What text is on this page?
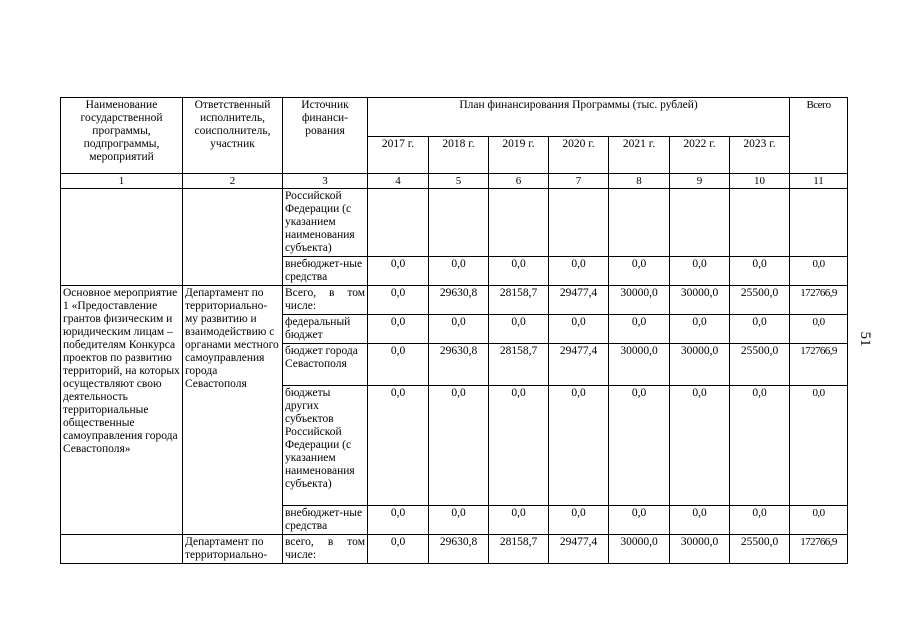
Наименование государственной программы, подпрограммы, мероприятий	Ответственный исполнитель, соисполнитель, участник	Источник финанси-рования	План финансирования Программы (тыс. рублей)							Всего
			2017 г.	2018 г.	2019 г.	2020 г.	2021 г.	2022 г.	2023 г.	
1	2	3	4	5	6	7	8	9	10	11
		Российской Федерации (с указанием наименования субъекта)								
		внебюджет-ные средства	0,0	0,0	0,0	0,0	0,0	0,0	0,0	0,0
Основное мероприятие 1 «Предоставление грантов физическим и юридическим лицам – победителям Конкурса проектов по развитию территорий, на которых осуществляют свою деятельность территориальные общественные самоуправления города Севастополя»	Департамент по территориально-му развитию и взаимодействию с органами местного самоуправления города Севастополя	Всего, в том числе:	0,0	29630,8	28158,7	29477,4	30000,0	30000,0	25500,0	172766,9
		федеральный бюджет	0,0	0,0	0,0	0,0	0,0	0,0	0,0	0,0
		бюджет города Севастополя	0,0	29630,8	28158,7	29477,4	30000,0	30000,0	25500,0	172766,9
		бюджеты других субъектов Российской Федерации (с указанием наименования субъекта)	0,0	0,0	0,0	0,0	0,0	0,0	0,0	0,0
		внебюджет-ные средства	0,0	0,0	0,0	0,0	0,0	0,0	0,0	0,0
	Департамент по территориально-	всего, в том числе:	0,0	29630,8	28158,7	29477,4	30000,0	30000,0	25500,0	172766,9
51
